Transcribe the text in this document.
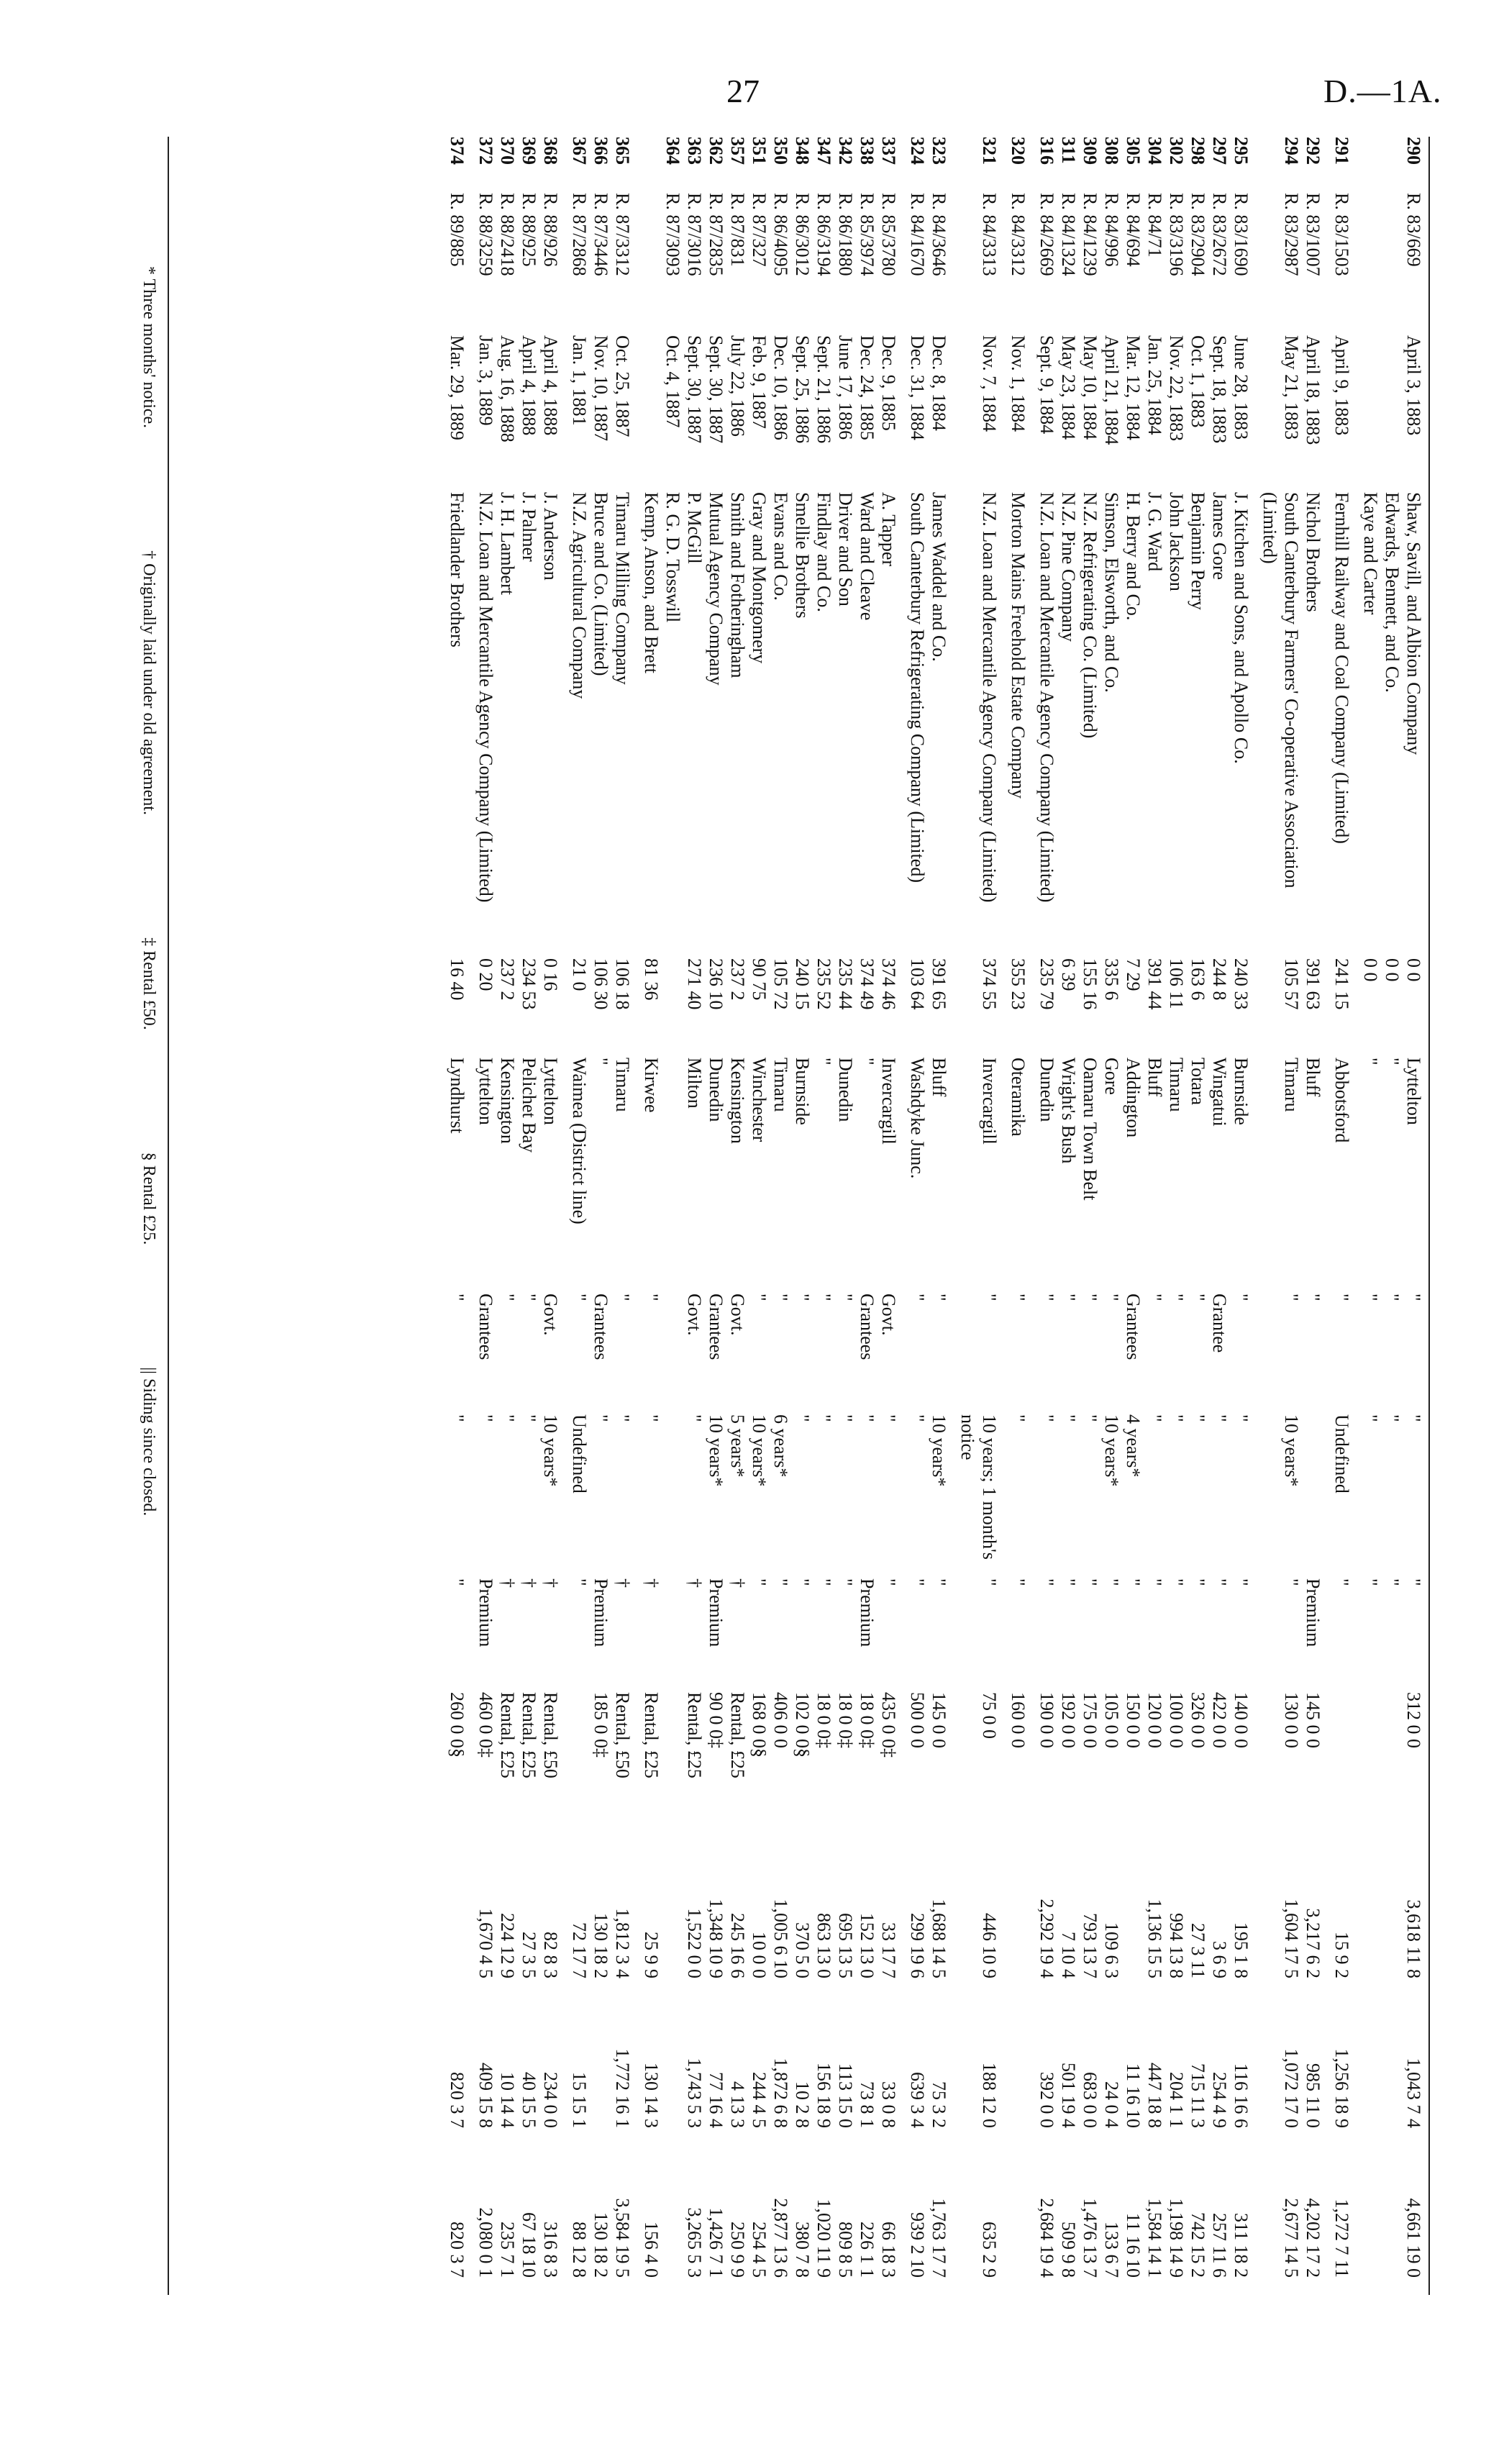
27	D.—1A.
290
R. 83/669
April 3, 1883
Shaw, Savill, and Albion Company
0 0
Lyttelton
"
"
"
312 0 0
3,618 11 8
1,043 7 4
4,661 19 0
Edwards, Bennett, and Co.
0 0
"
"
"
"
Kaye and Carter
0 0
"
"
"
"
291
R. 83/1503
April 9, 1883
Fernhill Railway and Coal Company (Limited)
241 15
Abbotsford
"
Undefined
"
15 9 2
1,256 18 9
1,272 7 11
292
R. 83/1007
April 18, 1883
Nichol Brothers
391 63
Bluff
"
Premium
145 0 0
3,217 6 2
985 11 0
4,202 17 2
294
R. 83/2987
May 21, 1883
South Canterbury Farmers' Co-operative Association (Limited)
105 57
Timaru
"
10 years*
"
130 0 0
1,604 17 5
1,072 17 0
2,677 14 5
295
R. 83/1690
June 28, 1883
J. Kitchen and Sons, and Apollo Co.
240 33
Burnside
"
"
"
140 0 0
195 1 8
116 16 6
311 18 2
297
R. 83/2672
Sept. 18, 1883
James Gore
244 8
Wingatui
Grantee
"
"
422 0 0
3 6 9
254 4 9
257 11 6
298
R. 83/2904
Oct. 1, 1883
Benjamin Perry
163 6
Totara
"
"
"
326 0 0
27 3 11
715 11 3
742 15 2
302
R. 83/3196
Nov. 22, 1883
John Jackson
106 11
Timaru
"
"
"
100 0 0
994 13 8
204 1 1
1,198 14 9
304
R. 84/71
Jan. 25, 1884
J. G. Ward
391 44
Bluff
"
"
"
120 0 0
1,136 15 5
447 18 8
1,584 14 1
305
R. 84/694
Mar. 12, 1884
H. Berry and Co.
7 29
Addington
Grantees
4 years*
"
150 0 0
11 16 10
11 16 10
308
R. 84/996
April 21, 1884
Simson, Elsworth, and Co.
335 6
Gore
"
10 years*
"
105 0 0
109 6 3
24 0 4
133 6 7
309
R. 84/1239
May 10, 1884
N.Z. Refrigerating Co. (Limited)
155 16
Oamaru Town Belt
"
"
"
175 0 0
793 13 7
683 0 0
1,476 13 7
311
R. 84/1324
May 23, 1884
N.Z. Pine Company
6 39
Wright's Bush
"
"
"
192 0 0
7 10 4
501 19 4
509 9 8
316
R. 84/2669
Sept. 9, 1884
N.Z. Loan and Mercantile Agency Company (Limited)
235 79
Dunedin
"
"
"
190 0 0
2,292 19 4
392 0 0
2,684 19 4
320
R. 84/3312
Nov. 1, 1884
Morton Mains Freehold Estate Company
355 23
Oteramika
"
"
"
160 0 0
321
R. 84/3313
Nov. 7, 1884
N.Z. Loan and Mercantile Agency Company (Limited)
374 55
Invercargill
"
10 years; 1 month's notice
"
75 0 0
446 10 9
188 12 0
635 2 9
323
R. 84/3646
Dec. 8, 1884
James Waddel and Co.
391 65
Bluff
"
10 years*
"
145 0 0
1,688 14 5
75 3 2
1,763 17 7
324
R. 84/1670
Dec. 31, 1884
South Canterbury Refrigerating Company (Limited)
103 64
Washdyke Junc.
"
"
"
500 0 0
299 19 6
639 3 4
939 2 10
337
R. 85/3780
Dec. 9, 1885
A. Tapper
374 46
Invercargill
Govt.
"
"
435 0 0‡
33 17 7
33 0 8
66 18 3
338
R. 85/3974
Dec. 24, 1885
Ward and Cleave
374 49
"
Grantees
"
Premium
18 0 0‡
152 13 0
73 8 1
226 1 1
342
R. 86/1880
June 17, 1886
Driver and Son
235 44
Dunedin
"
"
"
18 0 0‡
695 13 5
113 15 0
809 8 5
347
R. 86/3194
Sept. 21, 1886
Findlay and Co.
235 52
"
"
"
"
18 0 0‡
863 13 0
156 18 9
1,020 11 9
348
R. 86/3012
Sept. 25, 1886
Smellie Brothers
240 15
Burnside
"
"
"
102 0 0§
370 5 0
10 2 8
380 7 8
350
R. 86/4095
Dec. 10, 1886
Evans and Co.
105 72
Timaru
"
6 years*
"
406 0 0
1,005 6 10
1,872 6 8
2,877 13 6
351
R. 87/327
Feb. 9, 1887
Gray and Montgomery
90 75
Winchester
"
10 years*
"
168 0 0§
10 0 0
244 4 5
254 4 5
357
R. 87/831
July 22, 1886
Smith and Fotheringham
237 2
Kensington
Govt.
5 years*
†
Rental, £25
245 16 6
4 13 3
250 9 9
362
R. 87/2835
Sept. 30, 1887
Mutual Agency Company
236 10
Dunedin
Grantees
10 years*
Premium
90 0 0‡
1,348 10 9
77 16 4
1,426 7 1
363
R. 87/3016
Sept. 30, 1887
P. McGill
271 40
Milton
Govt.
"
†
Rental, £25
1,522 0 0
1,743 5 3
3,265 5 3
364
R. 87/3093
Oct. 4, 1887
R. G. D. Tosswill
Kemp, Anson, and Brett
81 36
Kirwee
"
"
†
Rental, £25
25 9 9
130 14 3
156 4 0
365
R. 87/3312
Oct. 25, 1887
Timaru Milling Company
106 18
Timaru
"
"
†
Rental, £50
1,812 3 4
1,772 16 1
3,584 19 5
366
R. 87/3446
Nov. 10, 1887
Bruce and Co. (Limited)
106 30
"
Grantees
"
Premium
185 0 0‡
130 18 2
130 18 2
367
R. 87/2868
Jan. 1, 1881
N.Z. Agricultural Company
21 0
Waimea (District line)
"
Undefined
"
72 17 7
15 15 1
88 12 8
368
R. 88/926
April 4, 1888
J. Anderson
0 16
Lyttelton
Govt.
10 years*
†
Rental, £50
82 8 3
234 0 0
316 8 3
369
R. 88/925
April 4, 1888
J. Palmer
234 53
Pelichet Bay
"
"
†
Rental, £25
27 3 5
40 15 5
67 18 10
370
R. 88/2418
Aug. 16, 1888
J. H. Lambert
237 2
Kensington
"
"
†
Rental, £25
224 12 9
10 14 4
235 7 1
372
R. 88/3259
Jan. 3, 1889
N.Z. Loan and Mercantile Agency Company (Limited)
0 20
Lyttelton
Grantees
"
Premium
460 0 0‡
1,670 4 5
409 15 8
2,080 0 1
374
R. 89/885
Mar. 29, 1889
Friedlander Brothers
16 40
Lyndhurst
"
"
"
260 0 0§
820 3 7
820 3 7
* Three months' notice.
† Originally laid under old agreement.
‡ Rental £50.
§ Rental £25.
|| Siding since closed.
